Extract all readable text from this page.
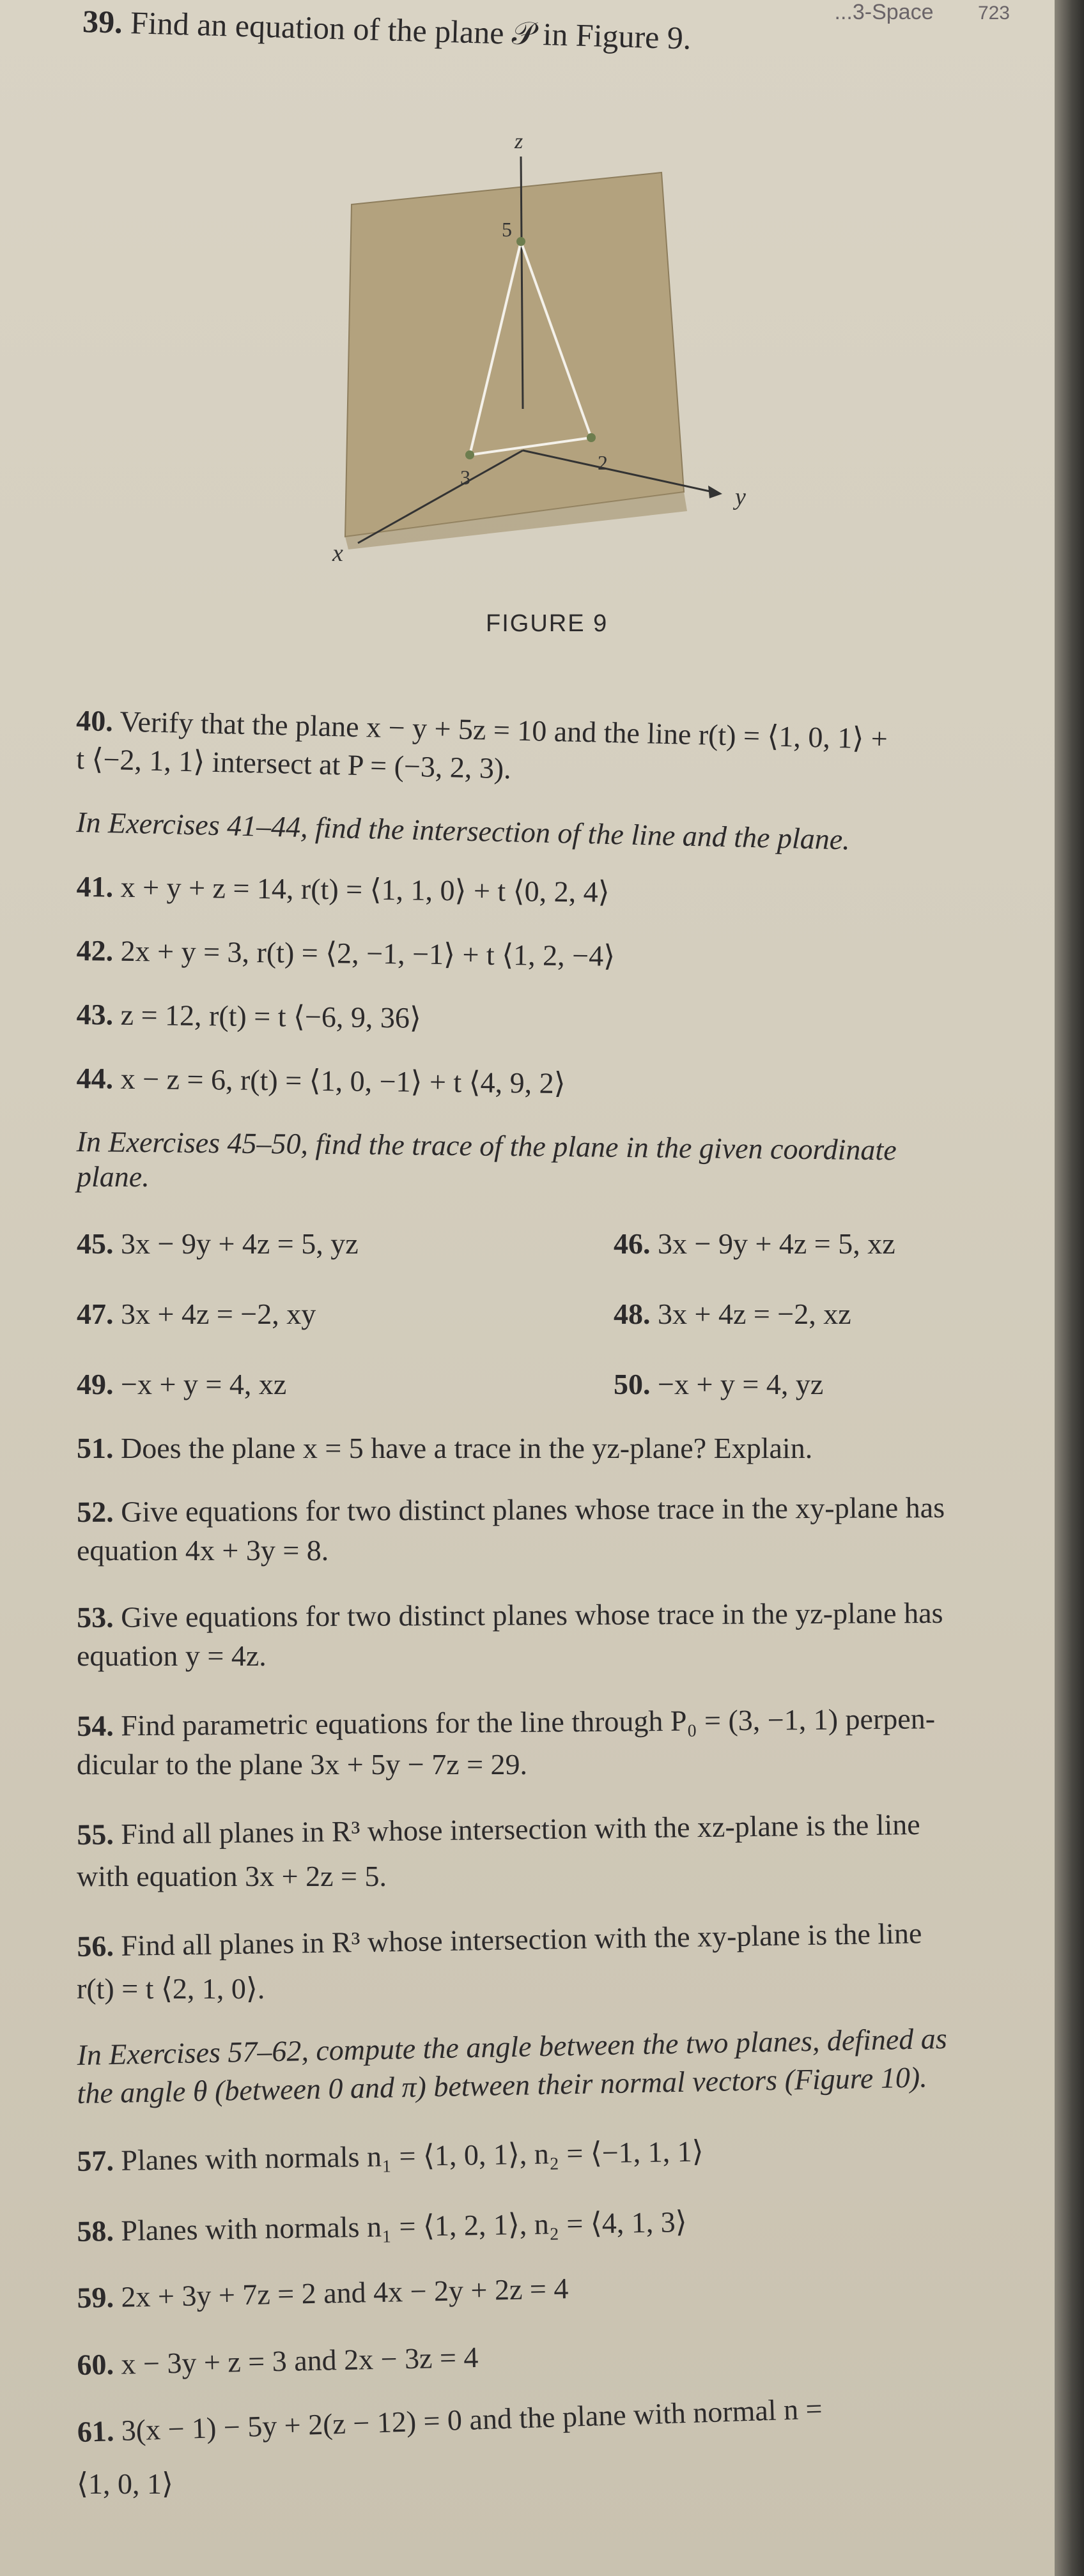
...3-Space 723
39. Find an equation of the plane 𝒫 in Figure 9.
z
x
y
5
3
2
FIGURE 9
40. Verify that the plane x − y + 5z = 10 and the line r(t) = ⟨1, 0, 1⟩ +
t ⟨−2, 1, 1⟩ intersect at P = (−3, 2, 3).
In Exercises 41–44, find the intersection of the line and the plane.
41. x + y + z = 14, r(t) = ⟨1, 1, 0⟩ + t ⟨0, 2, 4⟩
42. 2x + y = 3, r(t) = ⟨2, −1, −1⟩ + t ⟨1, 2, −4⟩
43. z = 12, r(t) = t ⟨−6, 9, 36⟩
44. x − z = 6, r(t) = ⟨1, 0, −1⟩ + t ⟨4, 9, 2⟩
In Exercises 45–50, find the trace of the plane in the given coordinate
plane.
45. 3x − 9y + 4z = 5, yz	46. 3x − 9y + 4z = 5, xz
47. 3x + 4z = −2, xy	48. 3x + 4z = −2, xz
49. −x + y = 4, xz	50. −x + y = 4, yz
51. Does the plane x = 5 have a trace in the yz-plane? Explain.
52. Give equations for two distinct planes whose trace in the xy-plane has
equation 4x + 3y = 8.
53. Give equations for two distinct planes whose trace in the yz-plane has
equation y = 4z.
54. Find parametric equations for the line through P₀ = (3, −1, 1) perpen-
dicular to the plane 3x + 5y − 7z = 29.
55. Find all planes in R³ whose intersection with the xz-plane is the line
with equation 3x + 2z = 5.
56. Find all planes in R³ whose intersection with the xy-plane is the line
r(t) = t ⟨2, 1, 0⟩.
In Exercises 57–62, compute the angle between the two planes, defined as
the angle θ (between 0 and π) between their normal vectors (Figure 10).
57. Planes with normals n₁ = ⟨1, 0, 1⟩, n₂ = ⟨−1, 1, 1⟩
58. Planes with normals n₁ = ⟨1, 2, 1⟩, n₂ = ⟨4, 1, 3⟩
59. 2x + 3y + 7z = 2 and 4x − 2y + 2z = 4
60. x − 3y + z = 3 and 2x − 3z = 4
61. 3(x − 1) − 5y + 2(z − 12) = 0 and the plane with normal n =
⟨1, 0, 1⟩
